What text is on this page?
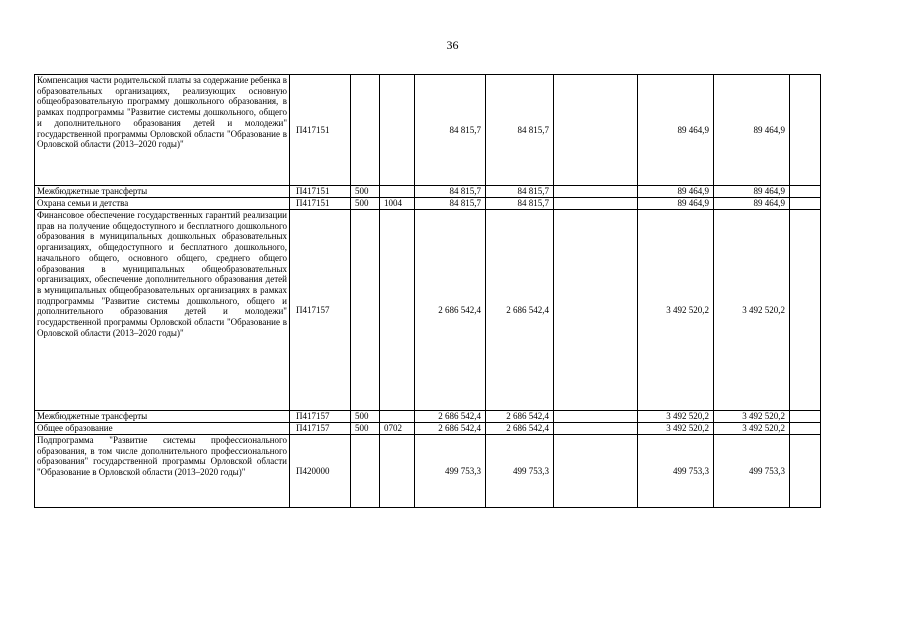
36
Компенсация части родительской платы за содержание ребенка в образовательных организациях, реализующих основную общеобразовательную программу дошкольного образования, в рамках подпрограммы "Развитие системы дошкольного, общего и дополнительного образования детей и молодежи" государственной программы Орловской области "Образование в Орловской области (2013–2020 годы)"	П417151			84 815,7	84 815,7		89 464,9	89 464,9	
Межбюджетные трансферты	П417151	500		84 815,7	84 815,7		89 464,9	89 464,9	
Охрана семьи и детства	П417151	500	1004	84 815,7	84 815,7		89 464,9	89 464,9	
Финансовое обеспечение государственных гарантий реализации прав на получение общедоступного и бесплатного дошкольного образования в муниципальных дошкольных образовательных организациях, общедоступного и бесплатного дошкольного, начального общего, основного общего, среднего общего образования в муниципальных общеобразовательных организациях, обеспечение дополнительного образования детей в муниципальных общеобразовательных организациях в рамках подпрограммы "Развитие системы дошкольного, общего и дополнительного образования детей и молодежи" государственной программы Орловской области "Образование в Орловской области (2013–2020 годы)"	П417157			2 686 542,4	2 686 542,4		3 492 520,2	3 492 520,2	
Межбюджетные трансферты	П417157	500		2 686 542,4	2 686 542,4		3 492 520,2	3 492 520,2	
Общее образование	П417157	500	0702	2 686 542,4	2 686 542,4		3 492 520,2	3 492 520,2	
Подпрограмма "Развитие системы профессионального образования, в том числе дополнительного профессионального образования" государственной программы Орловской области "Образование в Орловской области (2013–2020 годы)"	П420000			499 753,3	499 753,3		499 753,3	499 753,3	
